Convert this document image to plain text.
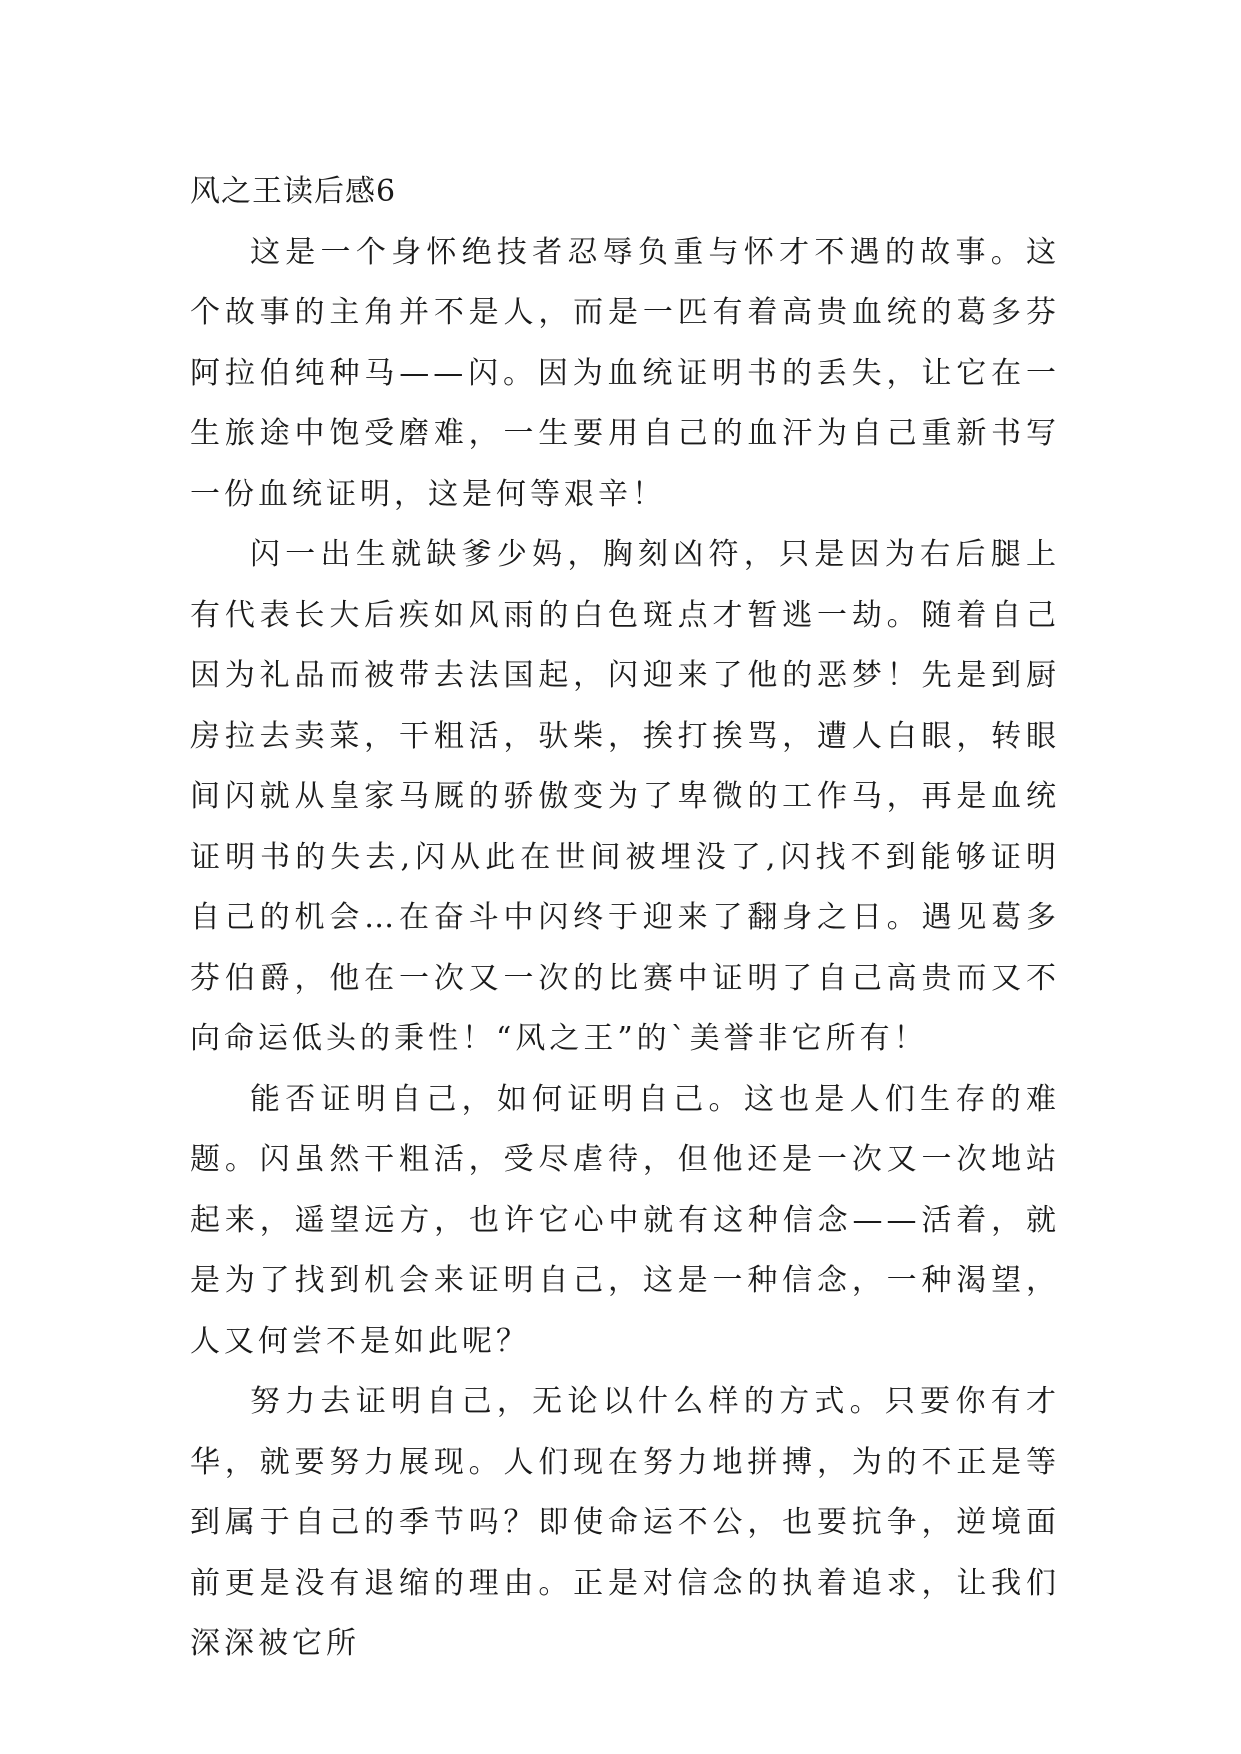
风之王读后感6

这是一个身怀绝技者忍辱负重与怀才不遇的故事。这个故事的主角并不是人，而是一匹有着高贵血统的葛多芬阿拉伯纯种马——闪。因为血统证明书的丢失，让它在一生旅途中饱受磨难，一生要用自己的血汗为自己重新书写一份血统证明，这是何等艰辛！

闪一出生就缺爹少妈，胸刻凶符，只是因为右后腿上有代表长大后疾如风雨的白色斑点才暂逃一劫。随着自己因为礼品而被带去法国起，闪迎来了他的恶梦！先是到厨房拉去卖菜，干粗活，驮柴，挨打挨骂，遭人白眼，转眼间闪就从皇家马厩的骄傲变为了卑微的工作马，再是血统证明书的失去,闪从此在世间被埋没了,闪找不到能够证明自己的机会…在奋斗中闪终于迎来了翻身之日。遇见葛多芬伯爵，他在一次又一次的比赛中证明了自己高贵而又不向命运低头的秉性！“风之王”的`美誉非它所有！

能否证明自己，如何证明自己。这也是人们生存的难题。闪虽然干粗活，受尽虐待，但他还是一次又一次地站起来，遥望远方，也许它心中就有这种信念——活着，就是为了找到机会来证明自己，这是一种信念，一种渴望，人又何尝不是如此呢？

努力去证明自己，无论以什么样的方式。只要你有才华，就要努力展现。人们现在努力地拼搏，为的不正是等到属于自己的季节吗？即使命运不公，也要抗争，逆境面前更是没有退缩的理由。正是对信念的执着追求，让我们深深被它所
